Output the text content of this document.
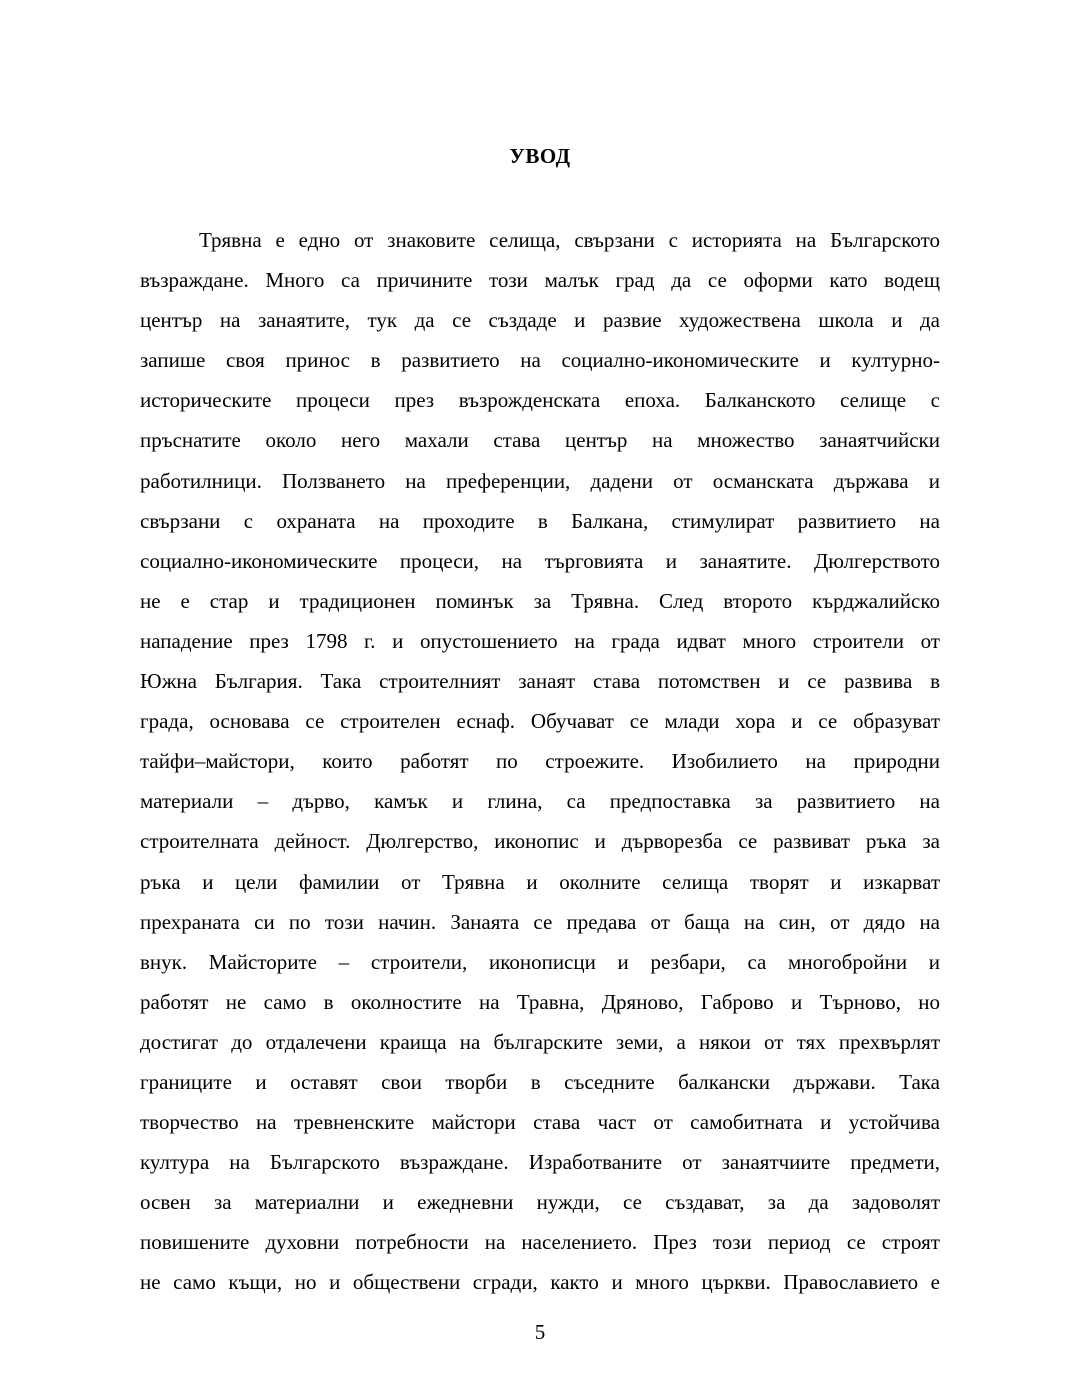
УВОД
Трявна е едно от знаковите селища, свързани с историята на Българското
възраждане. Много са причините този малък град да се оформи като водещ
център на занаятите, тук да се създаде и развие художествена школа и да
запише своя принос в развитието на социално-икономическите и културно-
историческите процеси през възрожденската епоха. Балканското селище с
пръснатите около него махали става център на множество занаятчийски
работилници. Ползването на преференции, дадени от османската държава и
свързани с охраната на проходите в Балкана, стимулират развитието на
социално-икономическите процеси, на търговията и занаятите. Дюлгерството
не е стар и традиционен поминък за Трявна. След второто кърджалийско
нападение през 1798 г. и опустошението на града идват много строители от
Южна България. Така строителният занаят става потомствен и се развива в
града, основава се строителен еснаф. Обучават се млади хора и се образуват
тайфи–майстори, които работят по строежите. Изобилието на природни
материали – дърво, камък и глина, са предпоставка за развитието на
строителната дейност. Дюлгерство, иконопис и дърворезба се развиват ръка за
ръка и цели фамилии от Трявна и околните селища творят и изкарват
прехраната си по този начин. Занаята се предава от баща на син, от дядо на
внук. Майсторите – строители, иконописци и резбари, са многобройни и
работят не само в околностите на Травна, Дряново, Габрово и Търново, но
достигат до отдалечени краища на българските земи, а някои от тях прехвърлят
границите и оставят свои творби в съседните балкански държави. Така
творчество на тревненските майстори става част от самобитната и устойчива
култура на Българското възраждане. Изработваните от занаятчиите предмети,
освен за материални и ежедневни нужди, се създават, за да задоволят
повишените духовни потребности на населението. През този период се строят
не само къщи, но и обществени сгради, както и много църкви. Православието е
5
